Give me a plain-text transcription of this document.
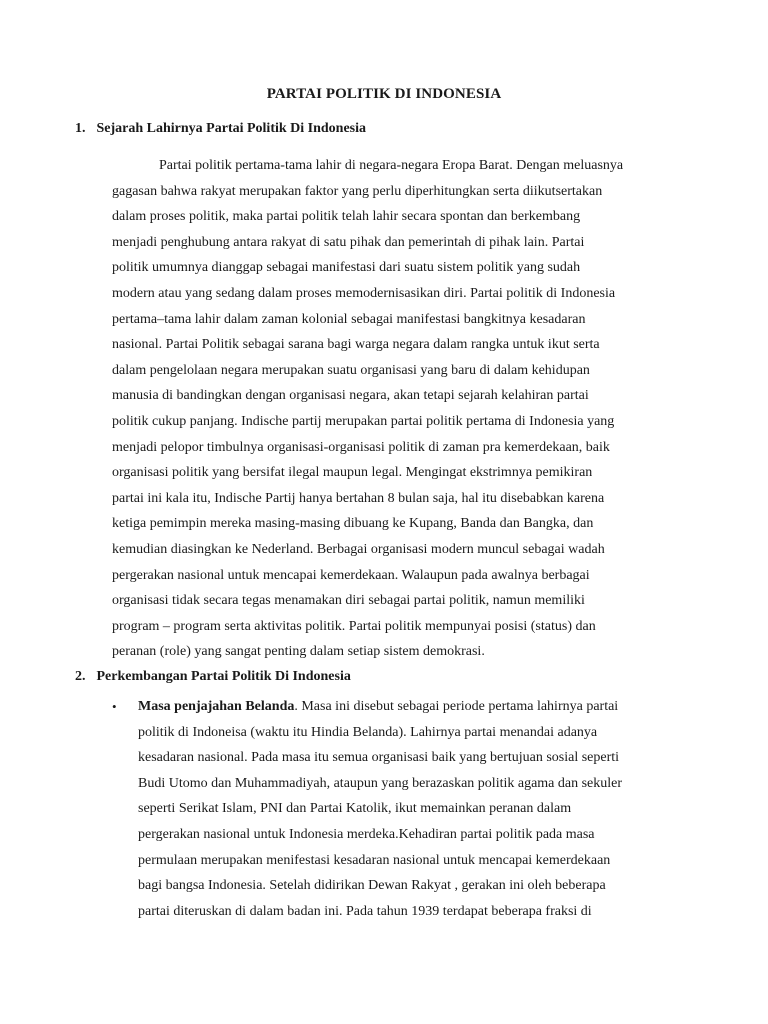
PARTAI POLITIK DI INDONESIA
1. Sejarah Lahirnya Partai Politik Di Indonesia
Partai politik pertama-tama lahir di negara-negara Eropa Barat. Dengan meluasnya
gagasan bahwa rakyat merupakan faktor yang perlu diperhitungkan serta diikutsertakan
dalam proses politik, maka partai politik telah lahir secara spontan dan berkembang
menjadi penghubung antara rakyat di satu pihak dan pemerintah di pihak lain. Partai
politik umumnya dianggap sebagai manifestasi dari suatu sistem politik yang sudah
modern atau yang sedang dalam proses memodernisasikan diri. Partai politik di Indonesia
pertama–tama lahir dalam zaman kolonial sebagai manifestasi bangkitnya kesadaran
nasional. Partai Politik sebagai sarana bagi warga negara dalam rangka untuk ikut serta
dalam pengelolaan negara merupakan suatu organisasi yang baru di dalam kehidupan
manusia di bandingkan dengan organisasi negara, akan tetapi sejarah kelahiran partai
politik cukup panjang. Indische partij merupakan partai politik pertama di Indonesia yang
menjadi pelopor timbulnya organisasi-organisasi politik di zaman pra kemerdekaan, baik
organisasi politik yang bersifat ilegal maupun legal. Mengingat ekstrimnya pemikiran
partai ini kala itu, Indische Partij hanya bertahan 8 bulan saja, hal itu disebabkan karena
ketiga pemimpin mereka masing-masing dibuang ke Kupang, Banda dan Bangka, dan
kemudian diasingkan ke Nederland. Berbagai organisasi modern muncul sebagai wadah
pergerakan nasional untuk mencapai kemerdekaan. Walaupun pada awalnya berbagai
organisasi tidak secara tegas menamakan diri sebagai partai politik, namun memiliki
program – program serta aktivitas politik. Partai politik mempunyai posisi (status) dan
peranan (role) yang sangat penting dalam setiap sistem demokrasi.
2. Perkembangan Partai Politik Di Indonesia
•	Masa penjajahan Belanda. Masa ini disebut sebagai periode pertama lahirnya partai
politik di Indoneisa (waktu itu Hindia Belanda). Lahirnya partai menandai adanya
kesadaran nasional. Pada masa itu semua organisasi baik yang bertujuan sosial seperti
Budi Utomo dan Muhammadiyah, ataupun yang berazaskan politik agama dan sekuler
seperti Serikat Islam, PNI dan Partai Katolik, ikut memainkan peranan dalam
pergerakan nasional untuk Indonesia merdeka.Kehadiran partai politik pada masa
permulaan merupakan menifestasi kesadaran nasional untuk mencapai kemerdekaan
bagi bangsa Indonesia. Setelah didirikan Dewan Rakyat , gerakan ini oleh beberapa
partai diteruskan di dalam badan ini. Pada tahun 1939 terdapat beberapa fraksi di
